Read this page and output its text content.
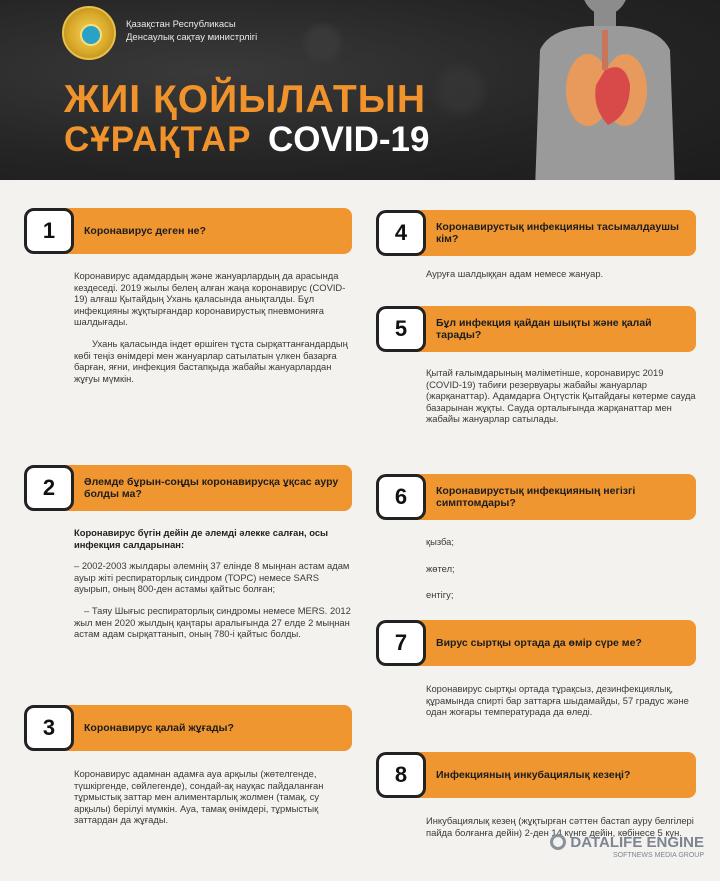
Қазақстан Республикасы
Денсаулық сақтау министрлігі
ЖИІ ҚОЙЫЛАТЫН
СҰРАҚТАР COVID-19
1	Коронавирус деген не?

Коронавирус адамдардың және жануарлардың да арасында кездеседі. 2019 жылы белең алған жаңа коронавирус (COVID-19) алғаш Қытайдың Ухань қаласында анықталды. Бұл инфекцияны жұқтырғандар коронавирустық пневмонияға шалдығады.

Ухань қаласында індет өршіген тұста сырқаттанғандардың көбі теңіз өнімдері мен жануарлар сатылатын үлкен базарға барған, яғни, инфекция бастапқыда жабайы жануарлардан жұғуы мүмкін.

2	Әлемде бұрын-соңды коронавирусқа ұқсас ауру болды ма?

Коронавирус бүгін дейін де әлемді әлекке салған, осы инфекция салдарынан:

– 2002-2003 жылдары әлемнің 37 елінде 8 мыңнан астам адам ауыр жіті респираторлық синдром (ТОРС) немесе SARS ауырып, оның 800-ден астамы қайтыс болған;

– Таяу Шығыс респираторлық синдромы немесе MERS. 2012 жыл мен 2020 жылдың қаңтары аралығында 27 елде 2 мыңнан астам адам сырқаттанып, оның 780-і қайтыс болды.

3	Коронавирус қалай жұғады?

Коронавирус адамнан адамға ауа арқылы (жөтелгенде, түшкіргенде, сөйлегенде), сондай-ақ науқас пайдаланған тұрмыстық заттар мен алиментарлық жолмен (тамақ, су арқылы) берілуі мүмкін. Ауа, тамақ өнімдері, тұрмыстық заттардан да жұғады.

4	Коронавирустық инфекцияны тасымалдаушы кім?

Ауруға шалдыққан адам немесе жануар.

5	Бұл инфекция қайдан шықты және қалай тарады?

Қытай ғалымдарының мәліметінше, коронавирус 2019 (COVID-19) табиғи резервуары жабайы жануарлар (жарқанаттар). Адамдарға Оңтүстік Қытайдағы көтерме сауда базарынан жұқты. Сауда орталығында жарқанаттар мен жабайы жануарлар сатылады.

6	Коронавирустық инфекцияның негізгі симптомдары?
қызба;
жөтел;
ентігу;
7	Вирус сыртқы ортада да өмір сүре ме?

Коронавирус сыртқы ортада тұрақсыз, дезинфекциялық, құрамында спирті бар заттарға шыдамайды, 57 градус және одан жоғары температурада да өледі.

8	Инфекцияның инкубациялық кезеңі?

Инкубациялық кезең (жұқтырған сәттен бастап ауру белгілері пайда болғанға дейін) 2-ден 14 күнге дейін, көбінесе 5 күн.

DATALIFE ENGINE
SOFTNEWS MEDIA GROUP
